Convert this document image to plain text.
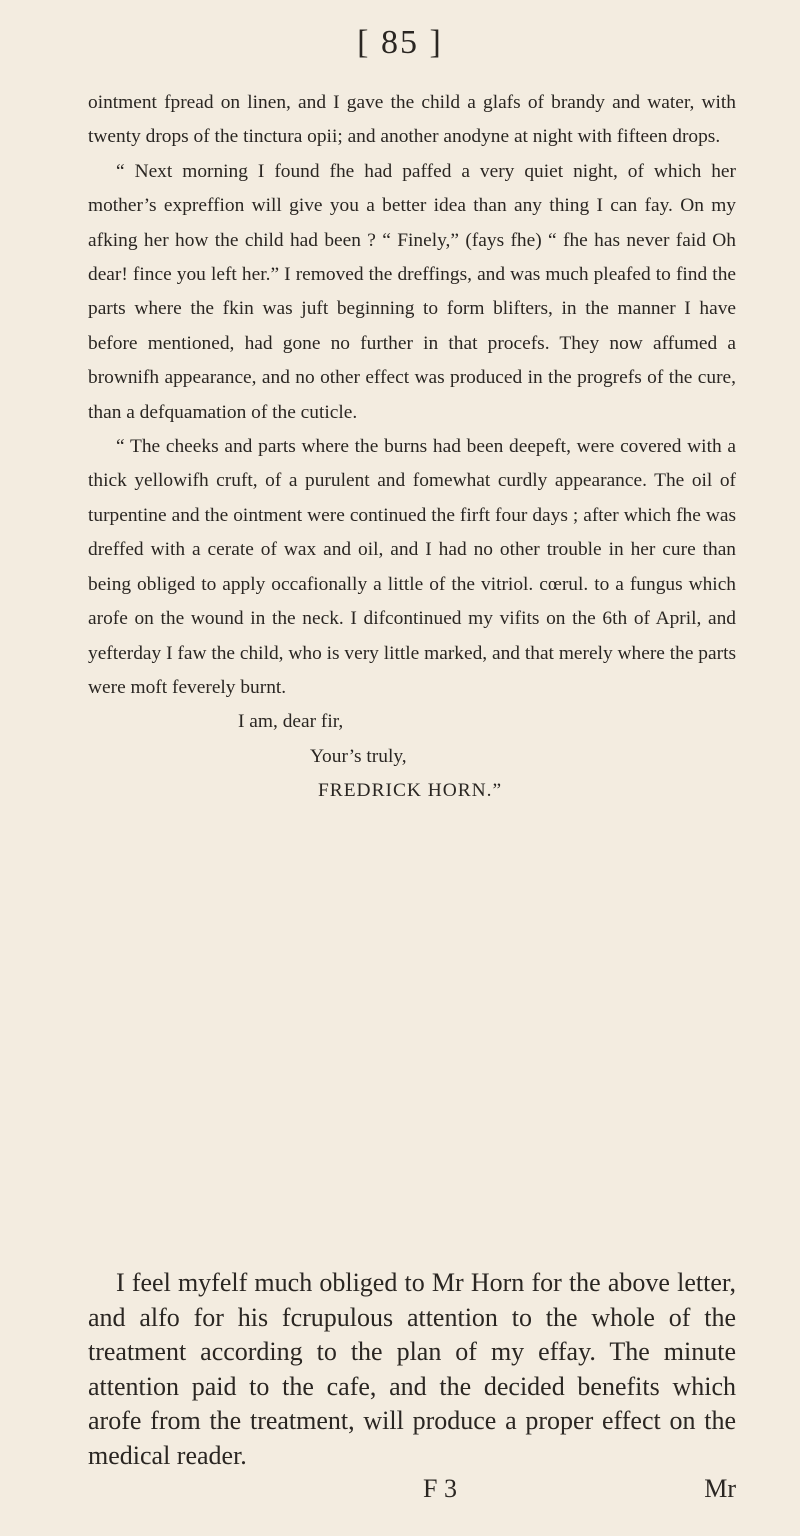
[ 85 ]

ointment fpread on linen, and I gave the child a glafs of brandy and water, with twenty drops of the tinctura opii; and another anodyne at night with fifteen drops.

“ Next morning I found fhe had paffed a very quiet night, of which her mother’s expreffion will give you a better idea than any thing I can fay. On my afking her how the child had been ? “ Finely,” (fays fhe) “ fhe has never faid Oh dear! fince you left her.” I removed the dreffings, and was much pleafed to find the parts where the fkin was juft beginning to form blifters, in the manner I have before mentioned, had gone no further in that procefs. They now affumed a brownifh appearance, and no other effect was produced in the progrefs of the cure, than a defquamation of the cuticle.

“ The cheeks and parts where the burns had been deepeft, were covered with a thick yellowifh cruft, of a purulent and fomewhat curdly appearance. The oil of turpentine and the ointment were continued the firft four days ; after which fhe was dreffed with a cerate of wax and oil, and I had no other trouble in her cure than being obliged to apply occafionally a little of the vitriol. cœrul. to a fungus which arofe on the wound in the neck. I difcontinued my vifits on the 6th of April, and yefterday I faw the child, who is very little marked, and that merely where the parts were moft feverely burnt.

I am, dear fir,
Your’s truly,
FREDRICK HORN.”

I feel myfelf much obliged to Mr Horn for the above letter, and alfo for his fcrupulous attention to the whole of the treatment according to the plan of my effay. The minute attention paid to the cafe, and the decided benefits which arofe from the treatment, will produce a proper effect on the medical reader.

F 3	Mr
